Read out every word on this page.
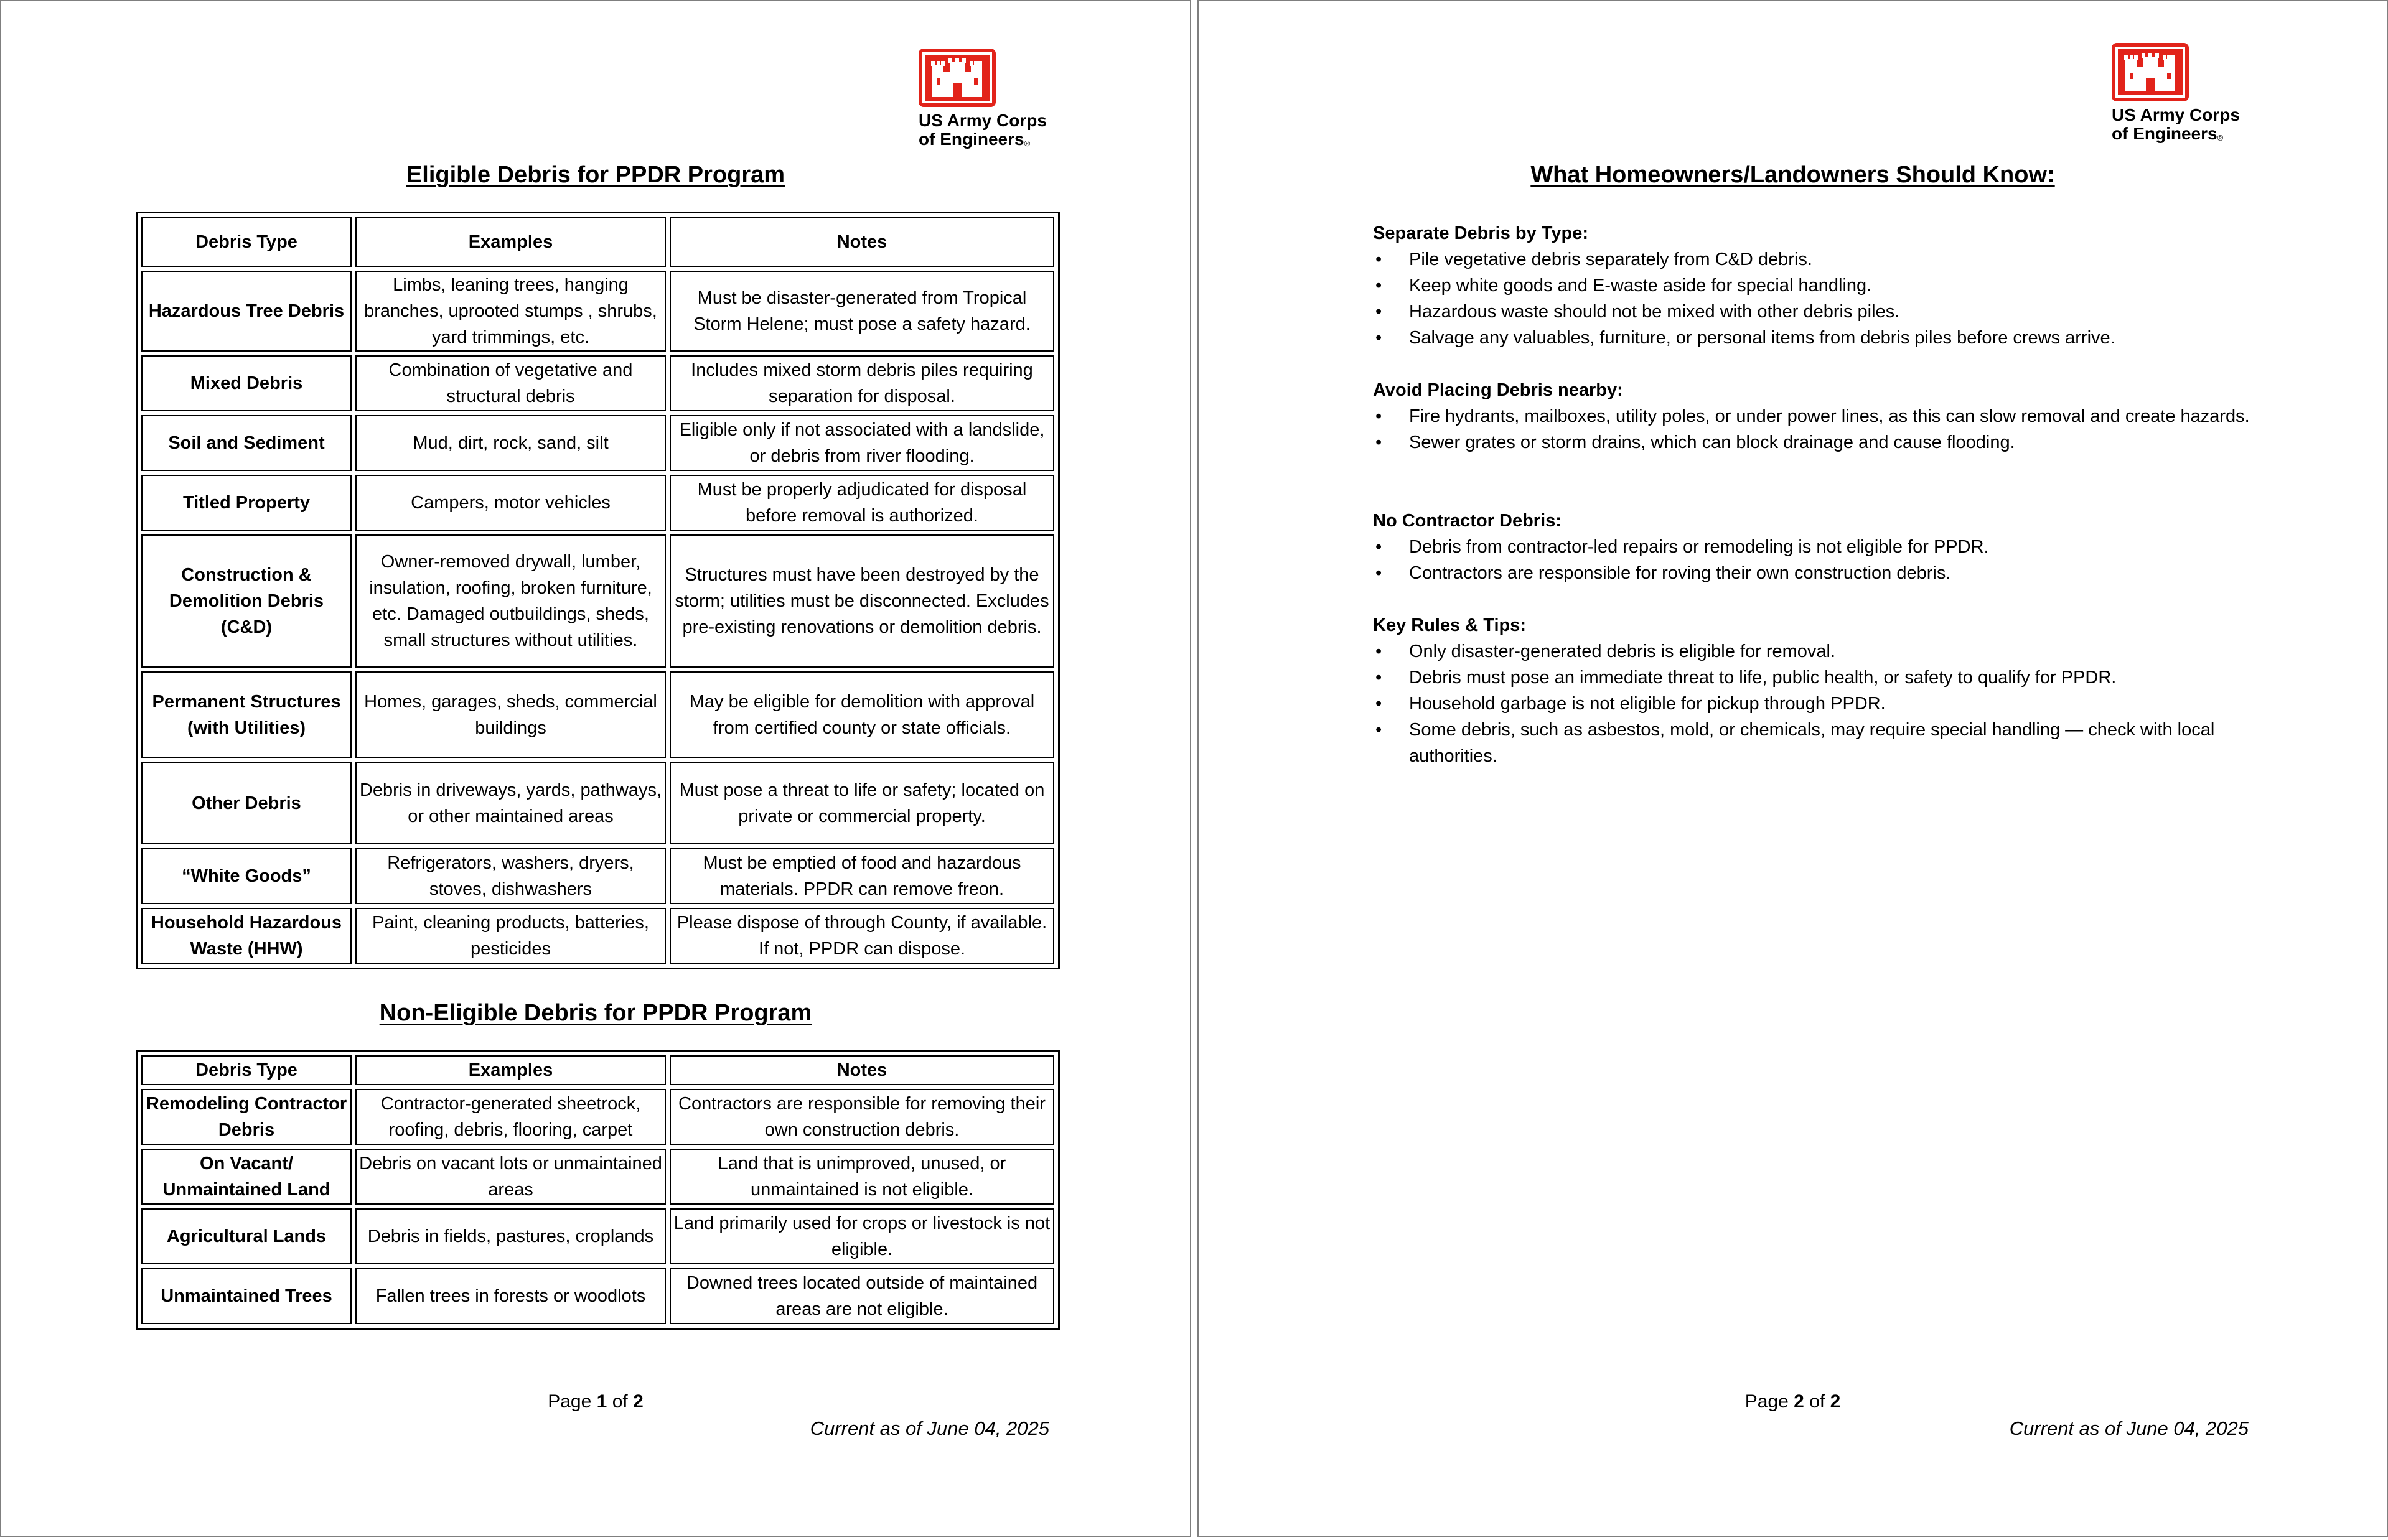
US Army Corps
of Engineers®
Eligible Debris for PPDR Program
Debris Type	Examples	Notes
Hazardous Tree Debris	Limbs, leaning trees, hanging branches, uprooted stumps , shrubs, yard trimmings, etc.	Must be disaster-generated from Tropical Storm Helene; must pose a safety hazard.
Mixed Debris	Combination of vegetative and structural debris	Includes mixed storm debris piles requiring separation for disposal.
Soil and Sediment	Mud, dirt, rock, sand, silt	Eligible only if not associated with a landslide, or debris from river flooding.
Titled Property	Campers, motor vehicles	Must be properly adjudicated for disposal before removal is authorized.
Construction & Demolition Debris (C&D)	Owner-removed drywall, lumber, insulation, roofing, broken furniture, etc. Damaged outbuildings, sheds, small structures without utilities.	Structures must have been destroyed by the storm; utilities must be disconnected. Excludes pre-existing renovations or demolition debris.
Permanent Structures (with Utilities)	Homes, garages, sheds, commercial buildings	May be eligible for demolition with approval from certified county or state officials.
Other Debris	Debris in driveways, yards, pathways, or other maintained areas	Must pose a threat to life or safety; located on private or commercial property.
“White Goods”	Refrigerators, washers, dryers, stoves, dishwashers	Must be emptied of food and hazardous materials. PPDR can remove freon.
Household Hazardous Waste (HHW)	Paint, cleaning products, batteries, pesticides	Please dispose of through County, if available. If not, PPDR can dispose.
Non-Eligible Debris for PPDR Program
Debris Type	Examples	Notes
Remodeling Contractor Debris	Contractor-generated sheetrock, roofing, debris, flooring, carpet	Contractors are responsible for removing their own construction debris.
On Vacant/ Unmaintained Land	Debris on vacant lots or unmaintained areas	Land that is unimproved, unused, or unmaintained is not eligible.
Agricultural Lands	Debris in fields, pastures, croplands	Land primarily used for crops or livestock is not eligible.
Unmaintained Trees	Fallen trees in forests or woodlots	Downed trees located outside of maintained areas are not eligible.
Page 1 of 2
Current as of June 04, 2025
US Army Corps
of Engineers®
What Homeowners/Landowners Should Know:
Separate Debris by Type:
• Pile vegetative debris separately from C&D debris.
• Keep white goods and E-waste aside for special handling.
• Hazardous waste should not be mixed with other debris piles.
• Salvage any valuables, furniture, or personal items from debris piles before crews arrive.
Avoid Placing Debris nearby:
• Fire hydrants, mailboxes, utility poles, or under power lines, as this can slow removal and create hazards.
• Sewer grates or storm drains, which can block drainage and cause flooding.
No Contractor Debris:
• Debris from contractor-led repairs or remodeling is not eligible for PPDR.
• Contractors are responsible for roving their own construction debris.
Key Rules & Tips:
• Only disaster-generated debris is eligible for removal.
• Debris must pose an immediate threat to life, public health, or safety to qualify for PPDR.
• Household garbage is not eligible for pickup through PPDR.
• Some debris, such as asbestos, mold, or chemicals, may require special handling — check with local authorities.
Page 2 of 2
Current as of June 04, 2025
